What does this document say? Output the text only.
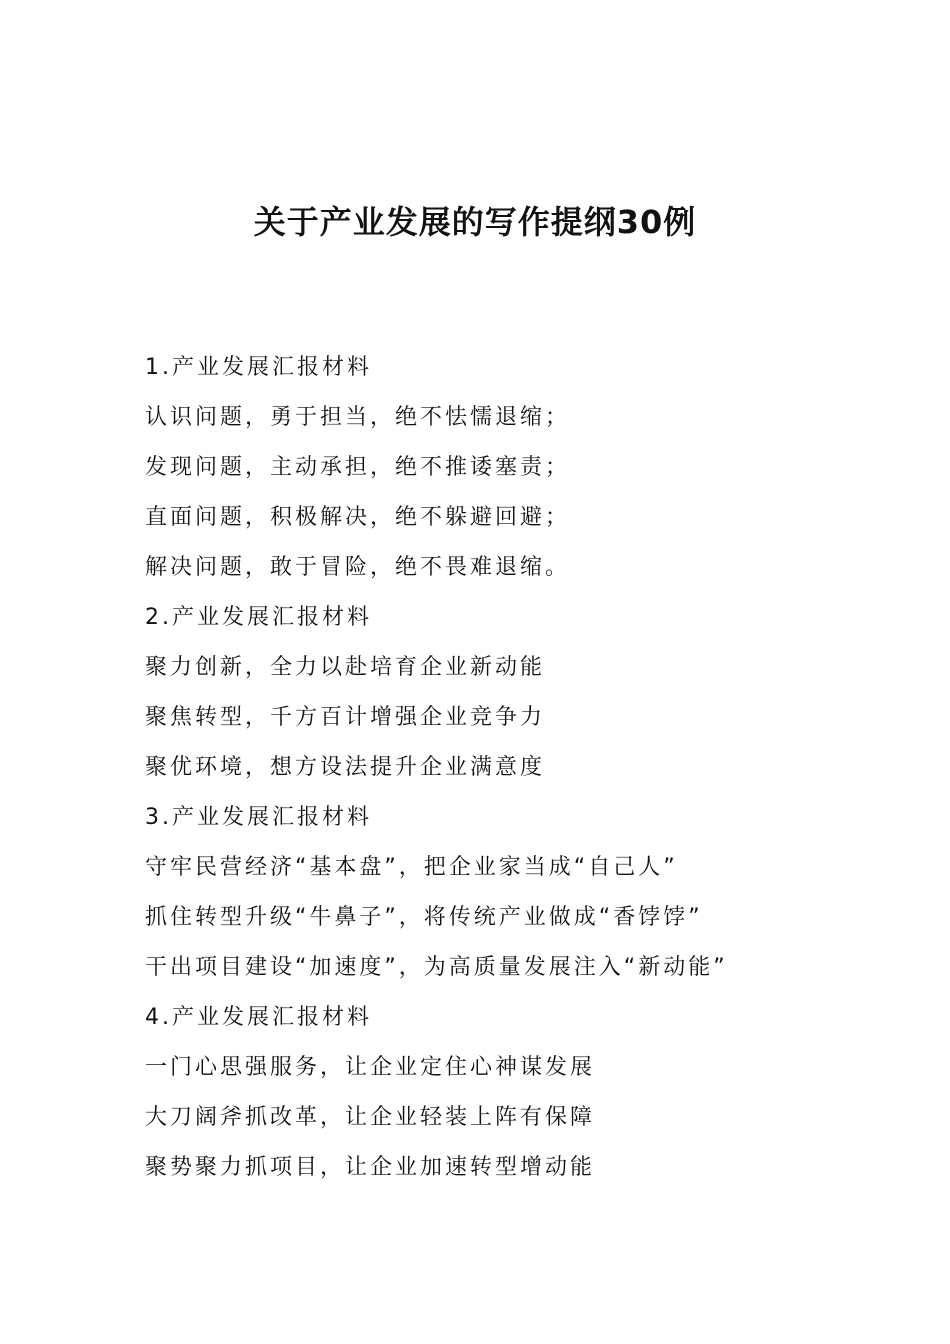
关于产业发展的写作提纲30例
1.产业发展汇报材料
认识问题，勇于担当，绝不怯懦退缩；
发现问题，主动承担，绝不推诿塞责；
直面问题，积极解决，绝不躲避回避；
解决问题，敢于冒险，绝不畏难退缩。
2.产业发展汇报材料
聚力创新，全力以赴培育企业新动能
聚焦转型，千方百计增强企业竞争力
聚优环境，想方设法提升企业满意度
3.产业发展汇报材料
守牢民营经济“基本盘”，把企业家当成“自己人”
抓住转型升级“牛鼻子”，将传统产业做成“香饽饽”
干出项目建设“加速度”，为高质量发展注入“新动能”
4.产业发展汇报材料
一门心思强服务，让企业定住心神谋发展
大刀阔斧抓改革，让企业轻装上阵有保障
聚势聚力抓项目，让企业加速转型增动能
